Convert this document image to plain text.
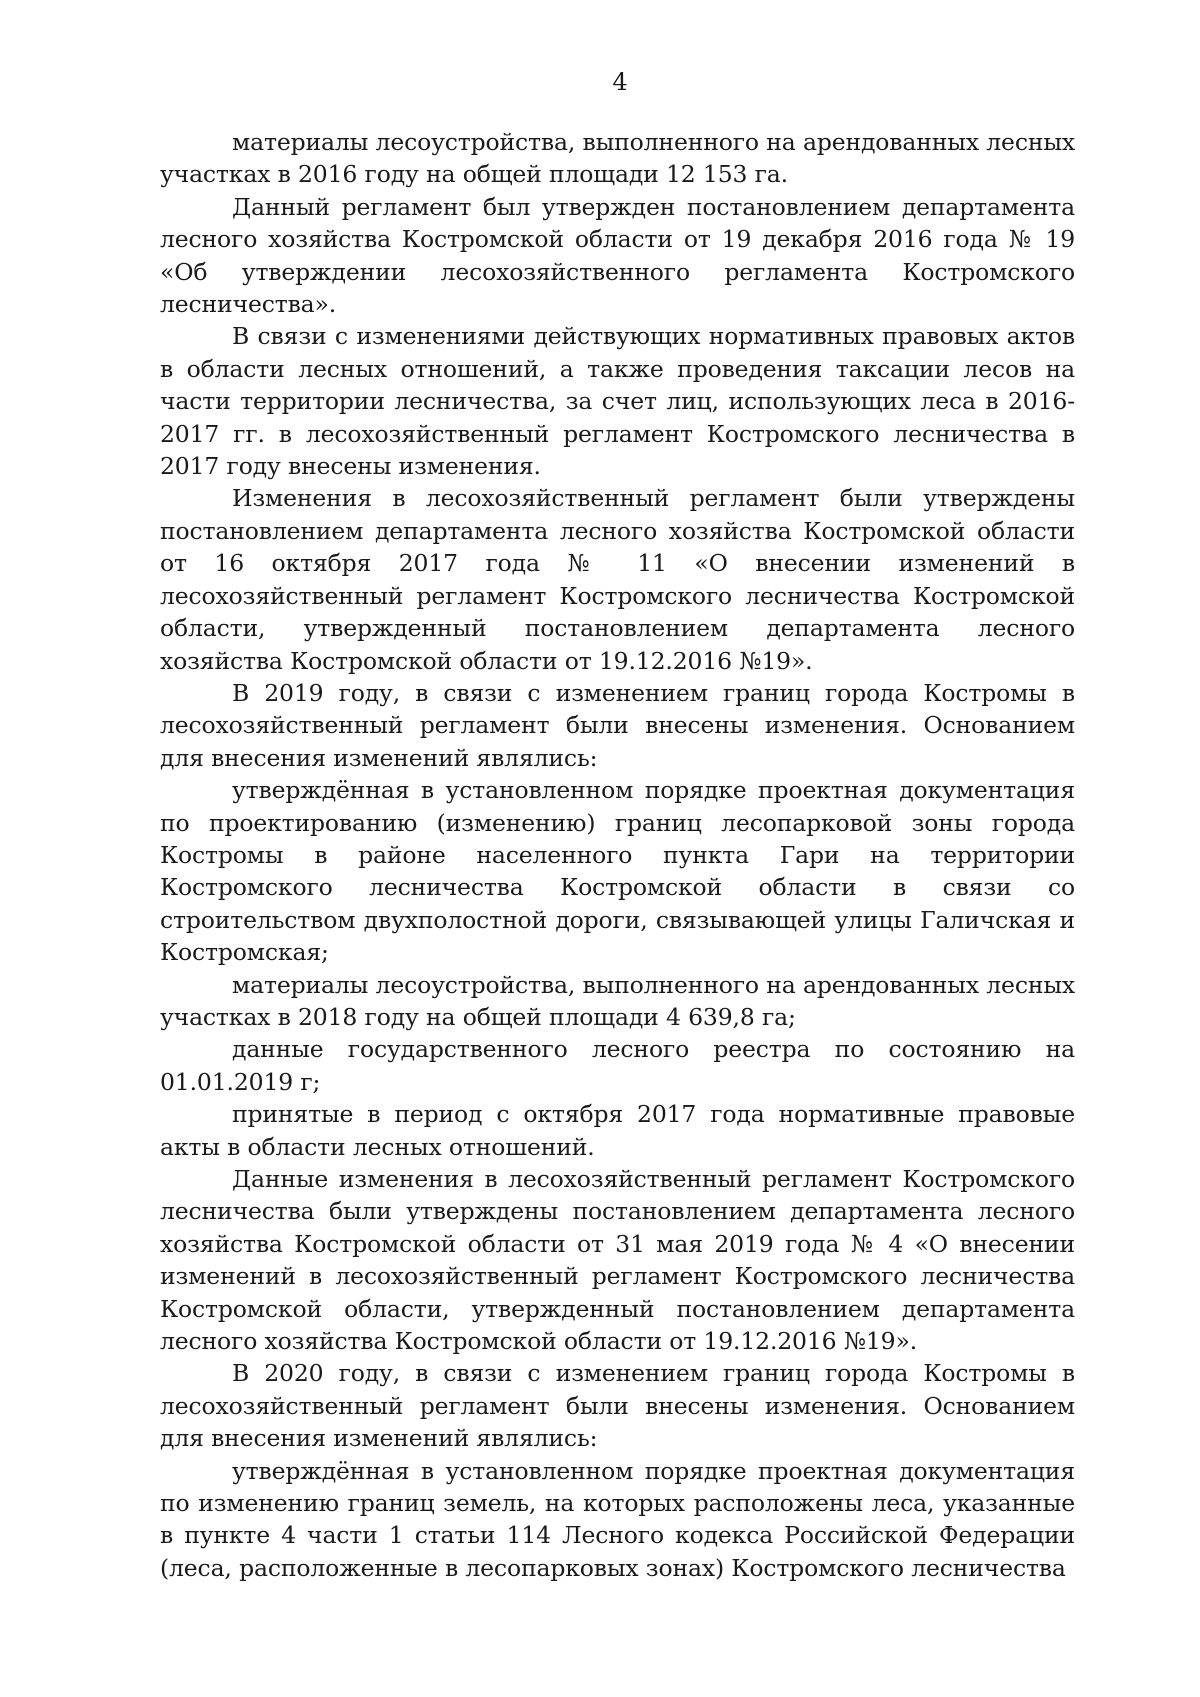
4

материалы лесоустройства, выполненного на арендованных лесных участках в 2016 году на общей площади 12 153 га.

Данный регламент был утвержден постановлением департамента лесного хозяйства Костромской области от 19 декабря 2016 года № 19 «Об утверждении лесохозяйственного регламента Костромского лесничества».

В связи с изменениями действующих нормативных правовых актов в области лесных отношений, а также проведения таксации лесов на части территории лесничества, за счет лиц, использующих леса в 2016-2017 гг. в лесохозяйственный регламент Костромского лесничества в 2017 году внесены изменения.

Изменения в лесохозяйственный регламент были утверждены постановлением департамента лесного хозяйства Костромской области от 16 октября 2017 года № 11 «О внесении изменений в лесохозяйственный регламент Костромского лесничества Костромской области, утвержденный постановлением департамента лесного хозяйства Костромской области от 19.12.2016 №19».

В 2019 году, в связи с изменением границ города Костромы в лесохозяйственный регламент были внесены изменения. Основанием для внесения изменений являлись:

утверждённая в установленном порядке проектная документация по проектированию (изменению) границ лесопарковой зоны города Костромы в районе населенного пункта Гари на территории Костромского лесничества Костромской области в связи со строительством двухполостной дороги, связывающей улицы Галичская и Костромская;

материалы лесоустройства, выполненного на арендованных лесных участках в 2018 году на общей площади 4 639,8 га;

данные государственного лесного реестра по состоянию на 01.01.2019 г;

принятые в период с октября 2017 года нормативные правовые акты в области лесных отношений.

Данные изменения в лесохозяйственный регламент Костромского лесничества были утверждены постановлением департамента лесного хозяйства Костромской области от 31 мая 2019 года № 4 «О внесении изменений в лесохозяйственный регламент Костромского лесничества Костромской области, утвержденный постановлением департамента лесного хозяйства Костромской области от 19.12.2016 №19».

В 2020 году, в связи с изменением границ города Костромы в лесохозяйственный регламент были внесены изменения. Основанием для внесения изменений являлись:

утверждённая в установленном порядке проектная документация по изменению границ земель, на которых расположены леса, указанные в пункте 4 части 1 статьи 114 Лесного кодекса Российской Федерации (леса, расположенные в лесопарковых зонах) Костромского лесничества
